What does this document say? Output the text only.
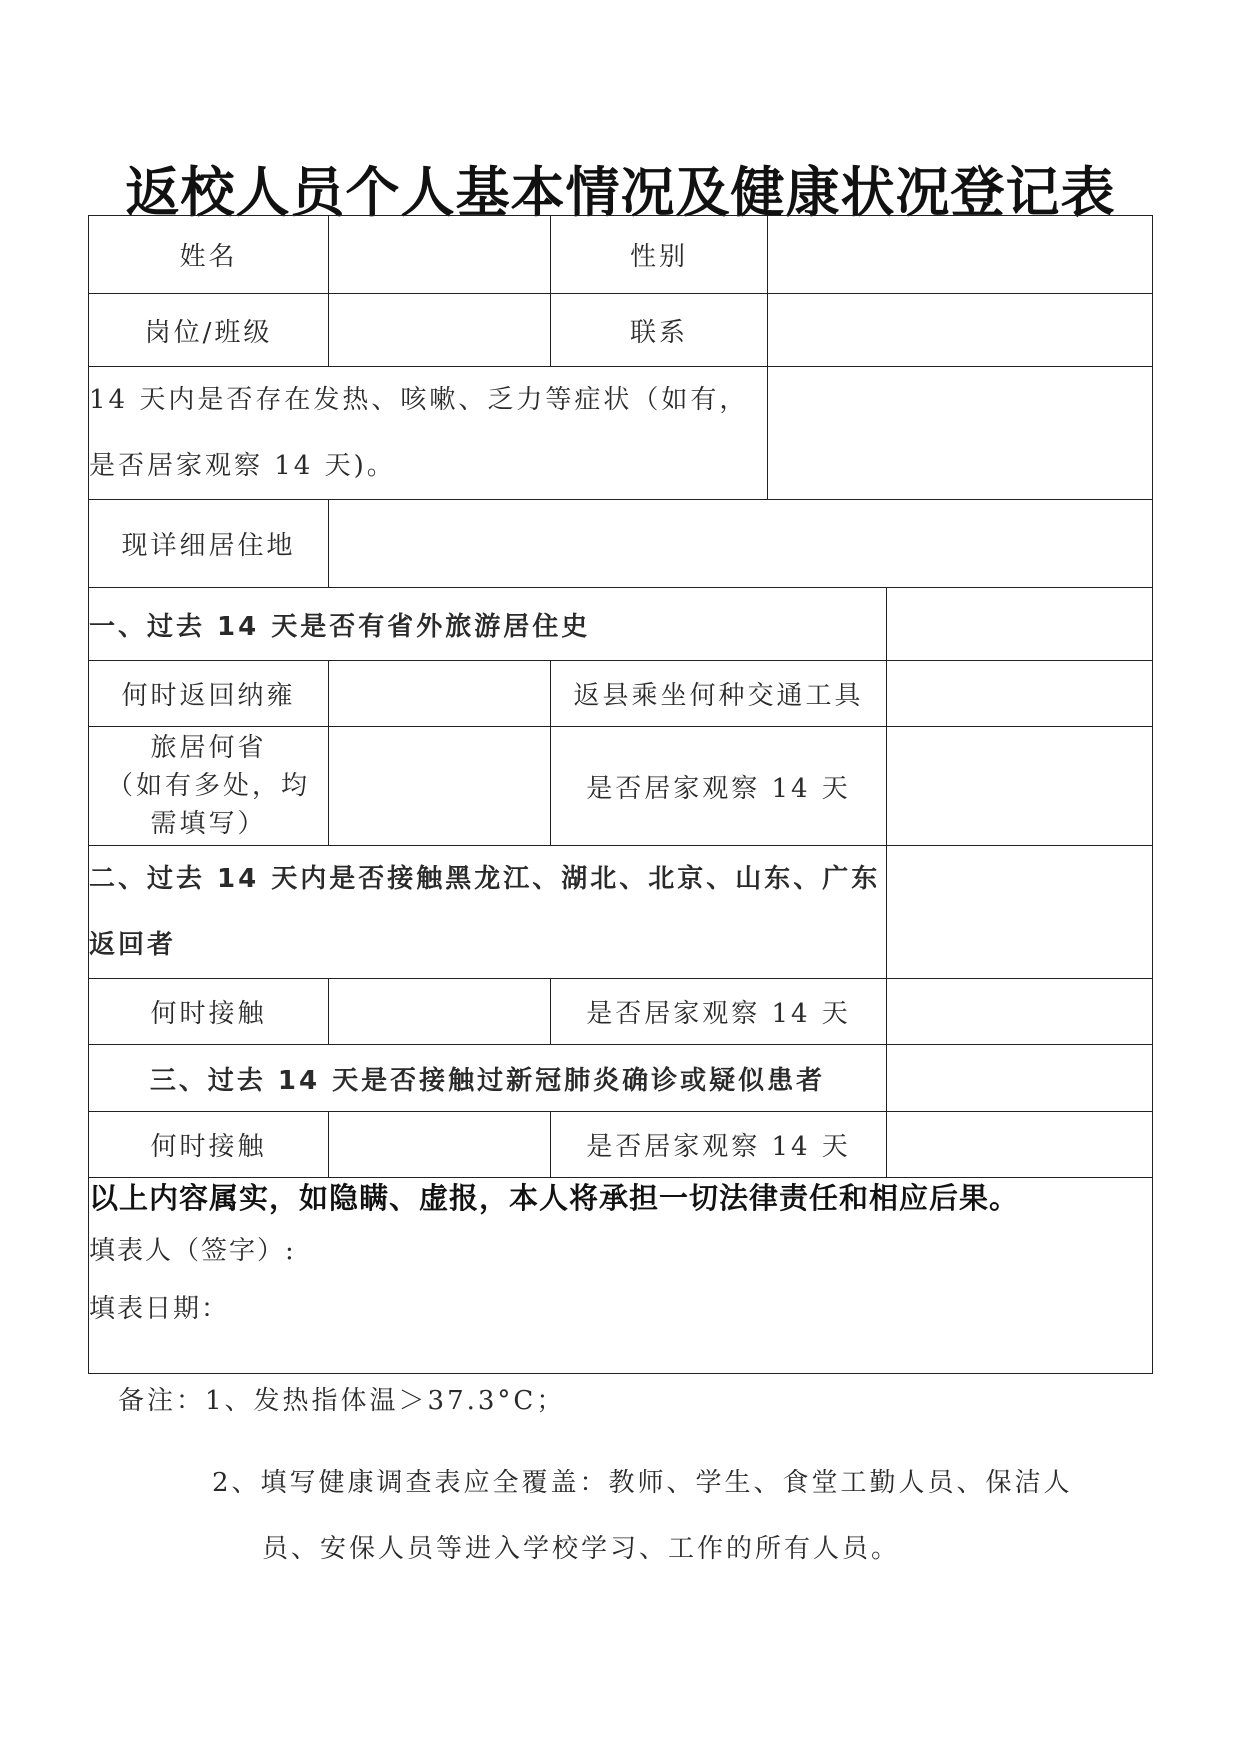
返校人员个人基本情况及健康状况登记表
姓名		性别		
岗位/班级		联系		
14 天内是否存在发热、咳嗽、乏力等症状（如有，
是否居家观察 14 天)。				
现详细居住地				
一、过去 14 天是否有省外旅游居住史				
何时返回纳雍		返县乘坐何种交通工具		
旅居何省
（如有多处，均
需填写）		是否居家观察 14 天		
二、过去 14 天内是否接触黑龙江、湖北、北京、山东、广东
返回者				
何时接触		是否居家观察 14 天		
三、过去 14 天是否接触过新冠肺炎确诊或疑似患者				
何时接触		是否居家观察 14 天		

以上内容属实，如隐瞒、虚报，本人将承担一切法律责任和相应后果。
填表人（签字）:
填表日期：				
备注：1、发热指体温＞37.3°C；
2、填写健康调查表应全覆盖：教师、学生、食堂工勤人员、保洁人
员、安保人员等进入学校学习、工作的所有人员。
